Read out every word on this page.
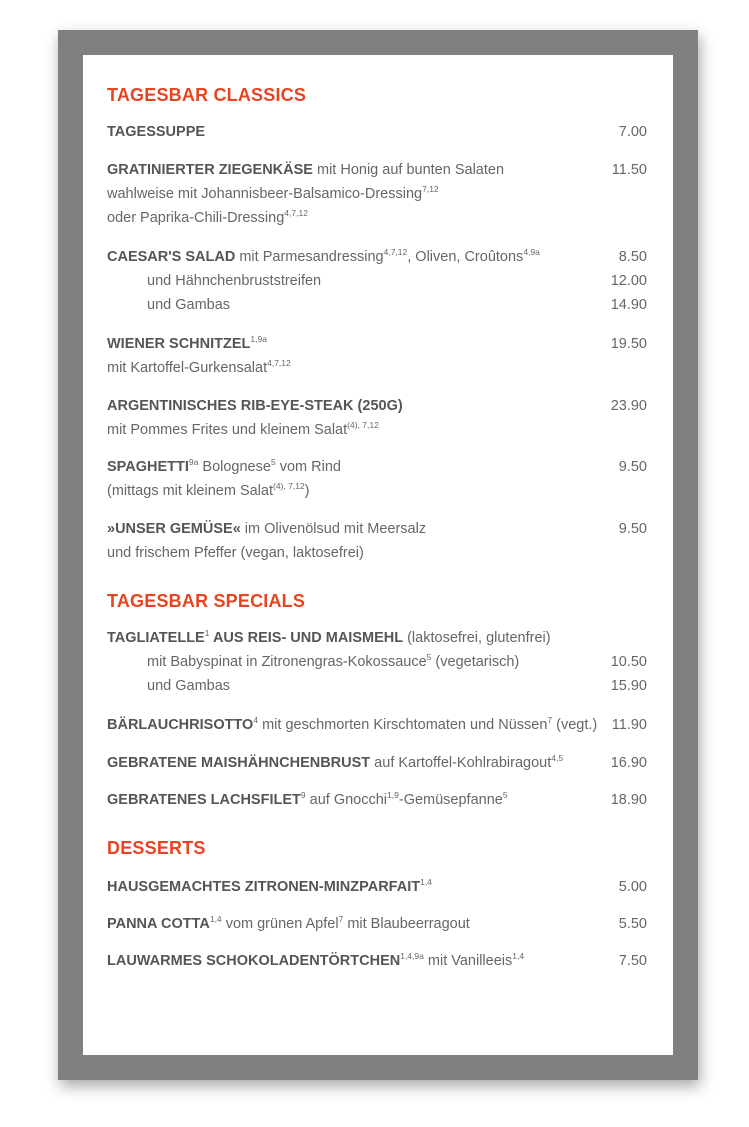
TAGESBAR CLASSICS
TAGESSUPPE	7.00
GRATINIERTER ZIEGENKÄSE mit Honig auf bunten Salaten	11.50
wahlweise mit Johannisbeer-Balsamico-Dressing$^{7,12}$
oder Paprika-Chili-Dressing$^{4,7,12}$
CAESAR'S SALAD mit Parmesandressing$^{4,7,12}$, Oliven, Croûtons$^{4,9a}$	8.50
und Hähnchenbruststreifen	12.00
und Gambas	14.90
WIENER $SCHNITZEL^{1,9a}$	19.50
mit Kartoffel-Gurkensalat$^{4,7,12}$
ARGENTINISCHES RIB-EYE-STEAK (250G)	23.90
mit Pommes Frites und kleinem Salat$^{(4), 7,12}$
$SPAGHETTI^{9a}$ Bolognese$^5$ vom Rind	9.50
(mittags mit kleinem Salat$^{(4), 7,12}$)
»UNSER GEMÜSE« im Olivenölsud mit Meersalz	9.50
und frischem Pfeffer (vegan, laktosefrei)
TAGESBAR SPECIALS
TAGLIATELLE$^1$ AUS REIS- UND MAISMEHL (laktosefrei, glutenfrei)
mit Babyspinat in Zitronengras-Kokossauce$^5$ (vegetarisch)	10.50
und Gambas	15.90
BÄRLAUCHRISOTTO$^4$ mit geschmorten Kirschtomaten und Nüssen$^7$ (vegt.)	11.90
GEBRATENE MAISHÄHNCHENBRUST auf Kartoffel-Kohlrabiragout$^{4,5}$	16.90
GEBRATENES LACHSFILET$^9$ auf Gnocchi$^{1,9}$-Gemüsepfanne$^5$	18.90
DESSERTS
HAUSGEMACHTES ZITRONEN-MINZPARFAIT$^{1,4}$	5.00
PANNA COTTA$^{1,4}$ vom grünen Apfel$^7$ mit Blaubeerragout	5.50
LAUWARMES $SCHOKOLADENTÖRTCHEN^{1,4,9a}$ mit Vanilleeis$^{1,4}$	7.50
